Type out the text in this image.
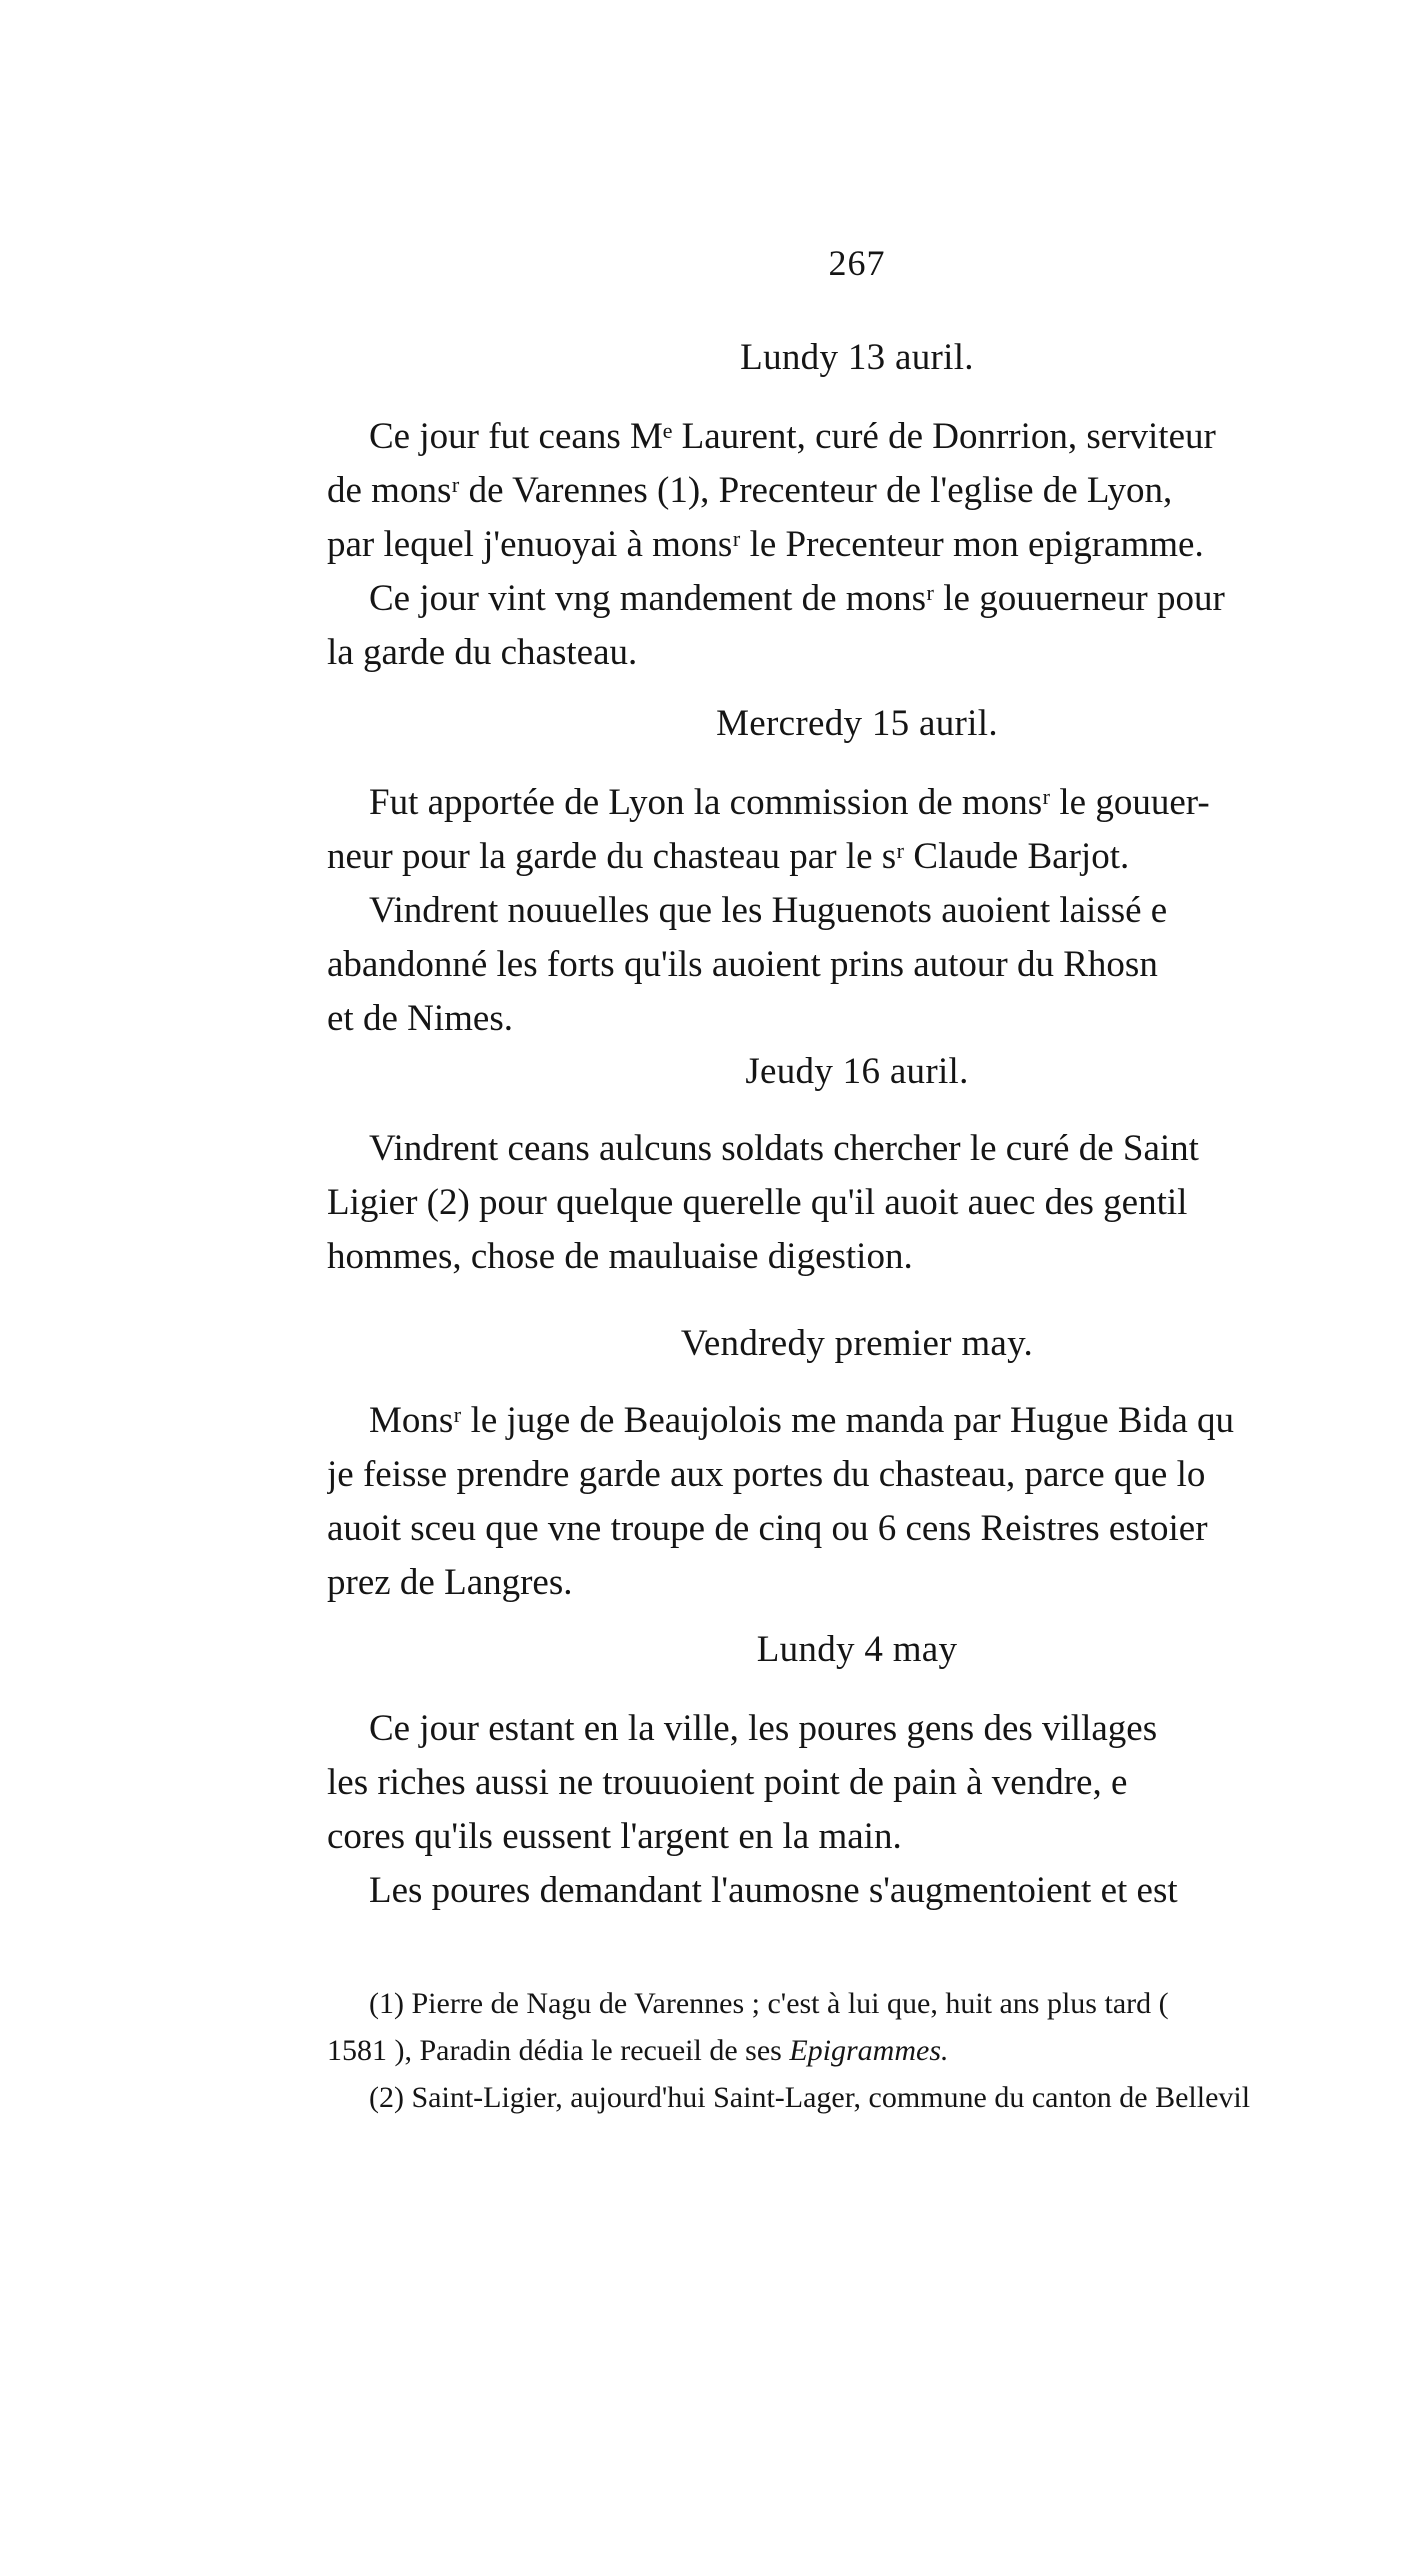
267
Lundy 13 auril.
Ce jour fut ceans Mᵉ Laurent, curé de Donrrion, serviteur
de monsʳ de Varennes (1), Precenteur de l'eglise de Lyon,
par lequel j'enuoyai à monsʳ le Precenteur mon epigramme.
Ce jour vint vng mandement de monsʳ le gouuerneur pour
la garde du chasteau.
Mercredy 15 auril.
Fut apportée de Lyon la commission de monsʳ le gouuer-
neur pour la garde du chasteau par le sʳ Claude Barjot.
Vindrent nouuelles que les Huguenots auoient laissé e
abandonné les forts qu'ils auoient prins autour du Rhosn
et de Nimes.
Jeudy 16 auril.
Vindrent ceans aulcuns soldats chercher le curé de Saint
Ligier (2) pour quelque querelle qu'il auoit auec des gentil
hommes, chose de mauluaise digestion.
Vendredy premier may.
Monsʳ le juge de Beaujolois me manda par Hugue Bida qu
je feisse prendre garde aux portes du chasteau, parce que lo
auoit sceu que vne troupe de cinq ou 6 cens Reistres estoier
prez de Langres.
Lundy 4 may
Ce jour estant en la ville, les poures gens des villages
les riches aussi ne trouuoient point de pain à vendre, e
cores qu'ils eussent l'argent en la main.
Les poures demandant l'aumosne s'augmentoient et est
(1) Pierre de Nagu de Varennes ; c'est à lui que, huit ans plus tard (
1581 ), Paradin dédia le recueil de ses Epigrammes.
(2) Saint-Ligier, aujourd'hui Saint-Lager, commune du canton de Bellevil
